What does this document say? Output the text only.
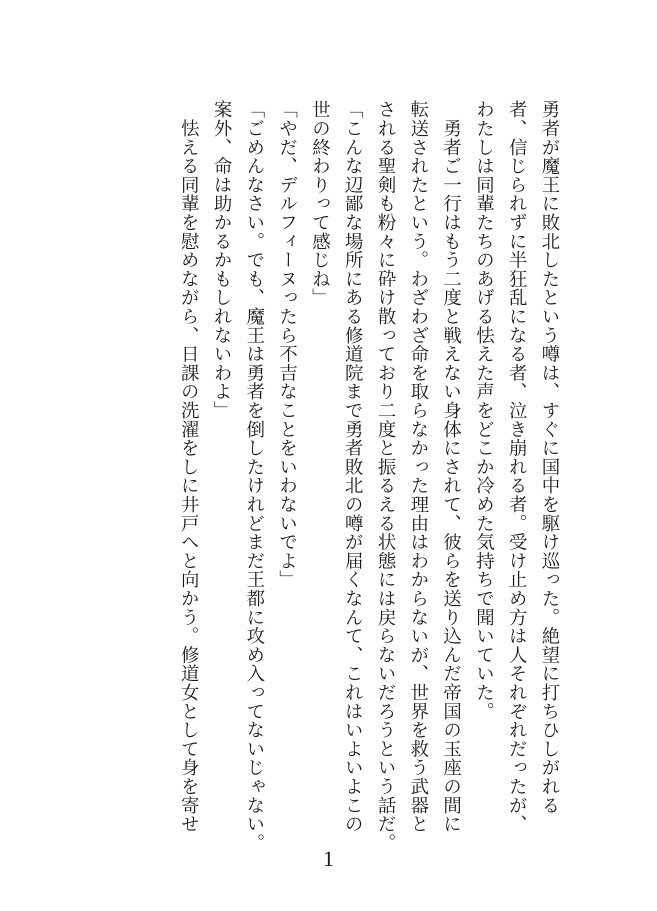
勇者が魔王に敗北したという噂は、すぐに国中を駆け巡った。絶望に打ちひしがれる
者、信じられずに半狂乱になる者、泣き崩れる者。受け止め方は人それぞれだったが、
わたしは同輩たちのあげる怯えた声をどこか冷めた気持ちで聞いていた。
　勇者ご一行はもう二度と戦えない身体にされて、彼らを送り込んだ帝国の玉座の間に
転送されたという。わざわざ命を取らなかった理由はわからないが、世界を救う武器と
される聖剣も粉々に砕け散っており二度と振るえる状態には戻らないだろうという話だ。
「こんな辺鄙な場所にある修道院まで勇者敗北の噂が届くなんて、これはいよいよこの
世の終わりって感じね」
「やだ、デルフィーヌったら不吉なことをいわないでよ」
「ごめんなさい。でも、魔王は勇者を倒したけれどまだ王都に攻め入ってないじゃない。
案外、命は助かるかもしれないわよ」
　怯える同輩を慰めながら、日課の洗濯をしに井戸へと向かう。修道女として身を寄せ
1
